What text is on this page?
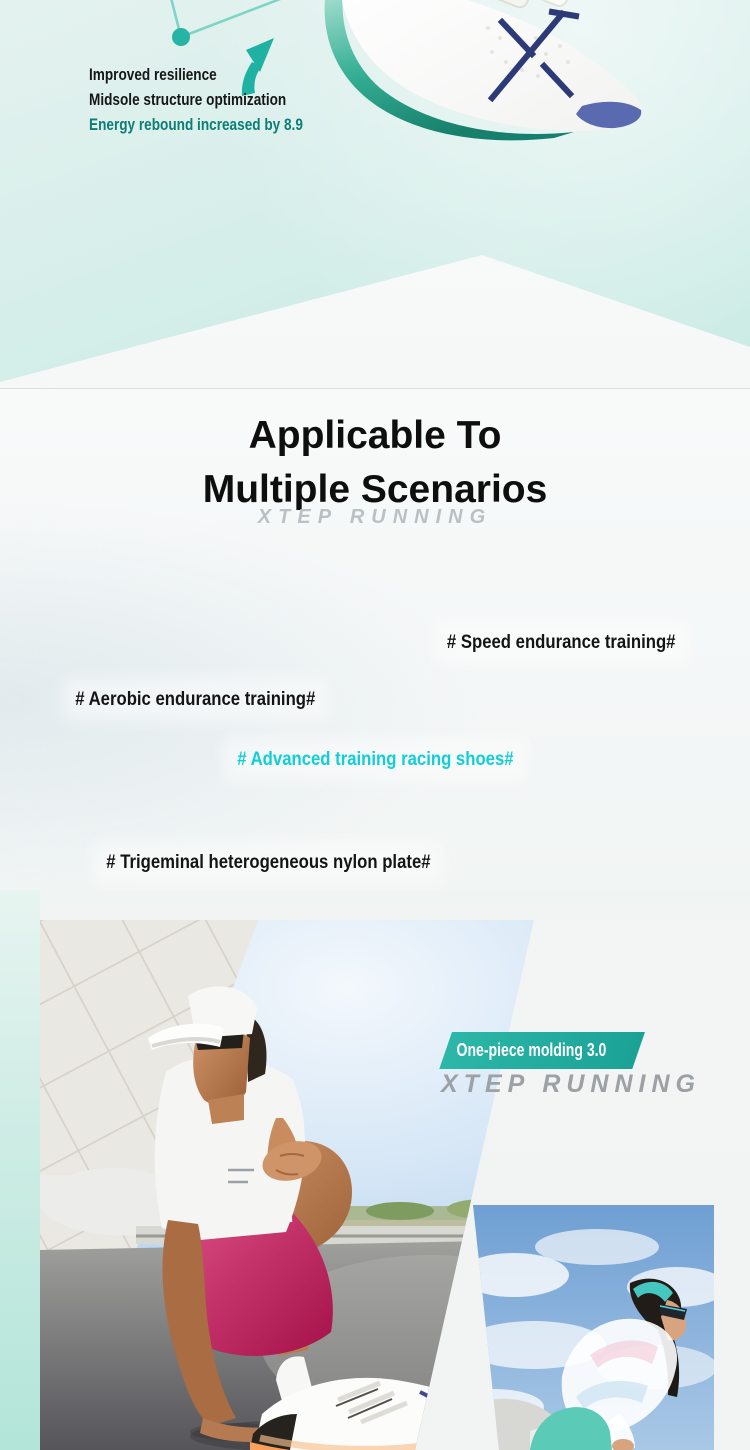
Improved resilience
Midsole structure optimization
Energy rebound increased by 8.9
Applicable To
Multiple Scenarios
XTEP RUNNING
# Speed endurance training#
# Aerobic endurance training#
# Advanced training racing shoes#
# Trigeminal heterogeneous nylon plate#
One-piece molding 3.0
XTEP RUNNING
